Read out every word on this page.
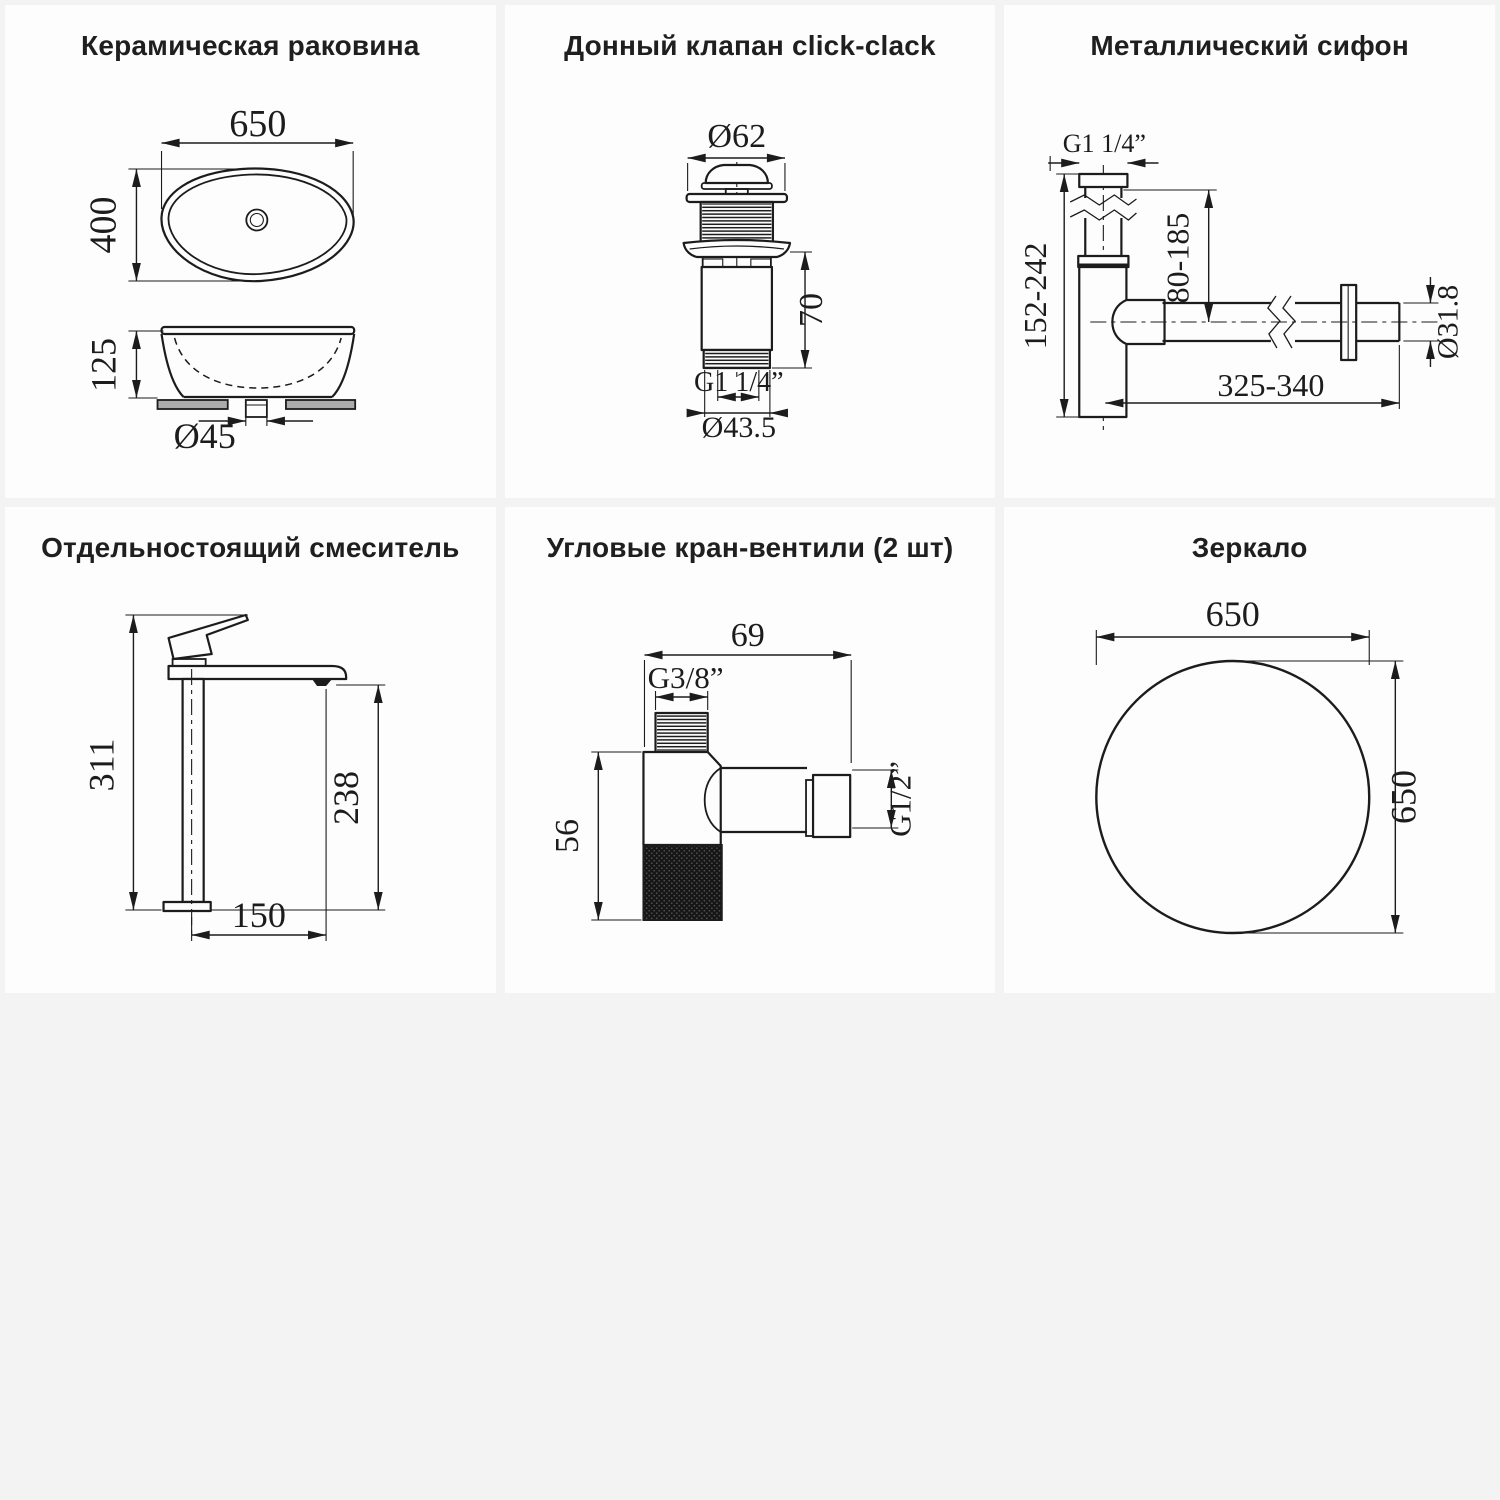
Керамическая раковина
650
400
Ø45
125
Донный клапан click-clack
Ø62
70
G1 1/4”
Ø43.5
Металлический сифон
G1 1/4”
152-242	80-185
Ø31.8
325-340
Отдельностоящий смеситель
311
238
150
Угловые кран-вентили (2 шт)
69
G3/8”
56	G1/2”
Зеркало
650
650
